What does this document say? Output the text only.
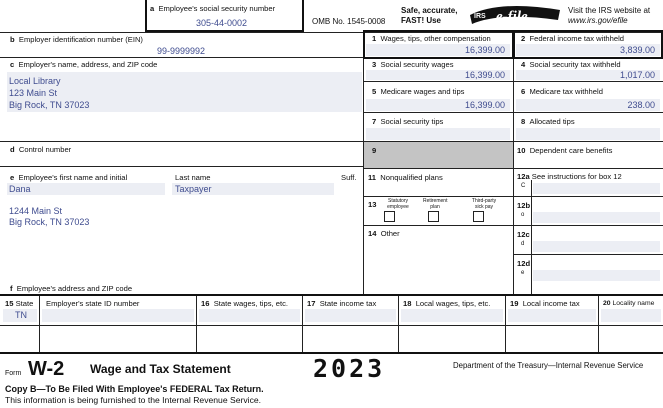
a Employee's social security number
305-44-0002	OMB No. 1545-0008
Safe, accurate,
FAST! Use	IRS e-file	Visit the IRS website at
www.irs.gov/efile
b Employer identification number (EIN)
99-9999992
c Employer's name, address, and ZIP code
Local Library
123 Main St
Big Rock, TN 37023
d Control number
e Employee's first name and initial	Last name	Suff.
Dana	Taxpayer
1244 Main St
Big Rock, TN 37023
f Employee's address and ZIP code
1 Wages, tips, other compensation
16,399.00
3 Social security wages
16,399.00
5 Medicare wages and tips
16,399.00
7 Social security tips
9
11 Nonqualified plans
13	Statutory employee
Retirement plan
Third-party sick pay
14 Other
2 Federal income tax withheld
3,839.00
4 Social security tax withheld
1,017.00
6 Medicare tax withheld
238.00
8 Allocated tips
10 Dependent care benefits
12a See instructions for box 12
12b
12c
12d
C
o
d
e
15 State Employer's state ID number	16 State wages, tips, etc.	17 State income tax	18 Local wages, tips, etc.	19 Local income tax	20 Locality name
TN
Form W-2 Wage and Tax Statement	2023	Department of the Treasury—Internal Revenue Service
Copy B—To Be Filed With Employee's FEDERAL Tax Return.
This information is being furnished to the Internal Revenue Service.
